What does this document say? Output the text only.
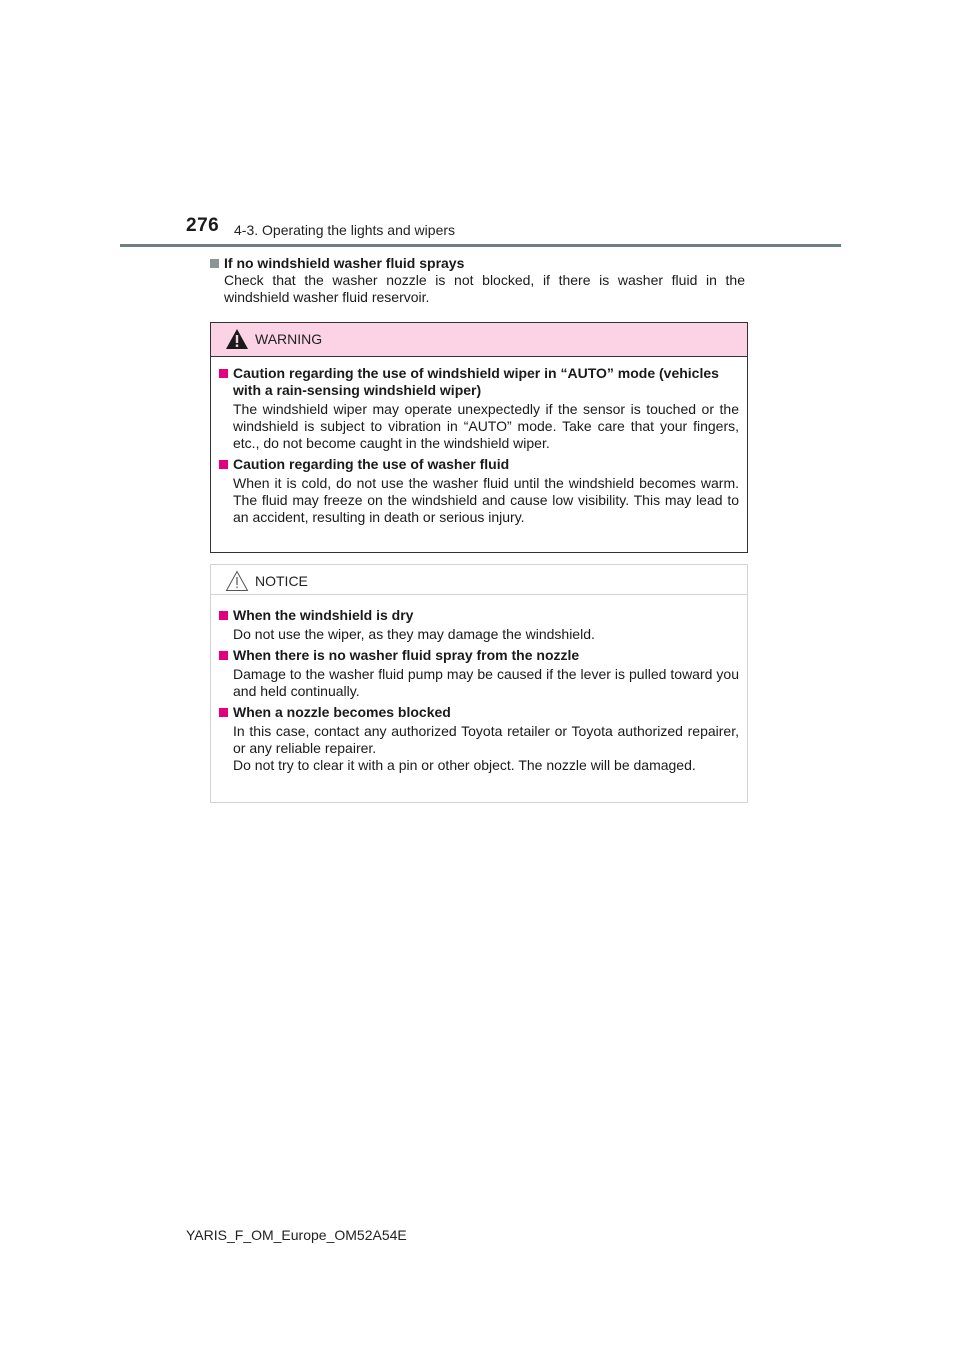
276 4-3. Operating the lights and wipers

If no windshield washer fluid sprays

Check that the washer nozzle is not blocked, if there is washer fluid in the windshield washer fluid reservoir.

WARNING

Caution regarding the use of windshield wiper in “AUTO” mode (vehicles with a rain-sensing windshield wiper)

The windshield wiper may operate unexpectedly if the sensor is touched or the windshield is subject to vibration in “AUTO” mode. Take care that your fingers, etc., do not become caught in the windshield wiper.

Caution regarding the use of washer fluid

When it is cold, do not use the washer fluid until the windshield becomes warm. The fluid may freeze on the windshield and cause low visibility. This may lead to an accident, resulting in death or serious injury.

NOTICE

When the windshield is dry

Do not use the wiper, as they may damage the windshield.

When there is no washer fluid spray from the nozzle

Damage to the washer fluid pump may be caused if the lever is pulled toward you and held continually.

When a nozzle becomes blocked

In this case, contact any authorized Toyota retailer or Toyota authorized repairer, or any reliable repairer.

Do not try to clear it with a pin or other object. The nozzle will be damaged.

YARIS_F_OM_Europe_OM52A54E
